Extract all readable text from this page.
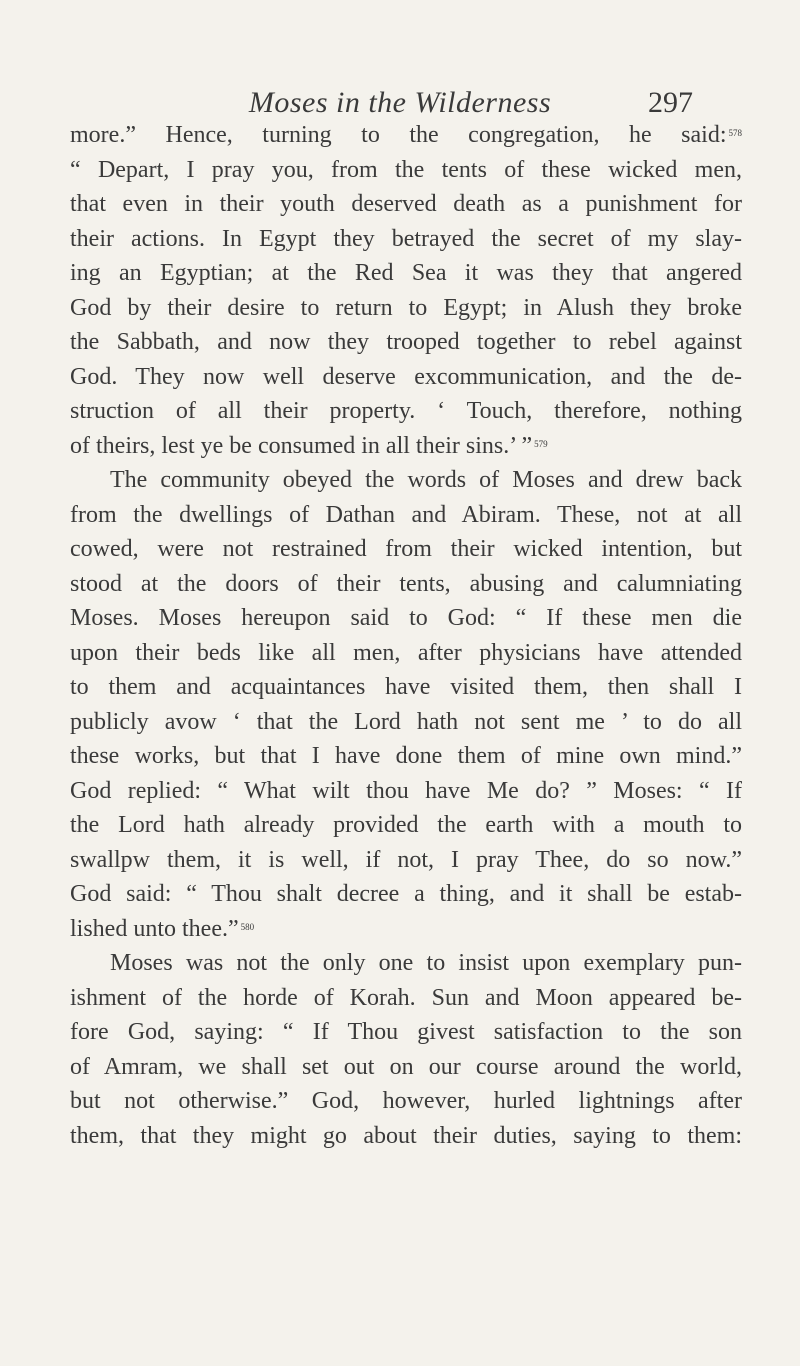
Moses in the Wilderness	297
more.” Hence, turning to the congregation, he said: $^{578}$
“ Depart, I pray you, from the tents of these wicked men,
that even in their youth deserved death as a punishment for
their actions. In Egypt they betrayed the secret of my slay-
ing an Egyptian; at the Red Sea it was they that angered
God by their desire to return to Egypt; in Alush they broke
the Sabbath, and now they trooped together to rebel against
God. They now well deserve excommunication, and the de-
struction of all their property. ‘ Touch, therefore, nothing
of theirs, lest ye be consumed in all their sins.’ ” $^{579}$
The community obeyed the words of Moses and drew back
from the dwellings of Dathan and Abiram. These, not at all
cowed, were not restrained from their wicked intention, but
stood at the doors of their tents, abusing and calumniating
Moses. Moses hereupon said to God: “ If these men die
upon their beds like all men, after physicians have attended
to them and acquaintances have visited them, then shall I
publicly avow ‘ that the Lord hath not sent me ’ to do all
these works, but that I have done them of mine own mind.”
God replied: “ What wilt thou have Me do? ” Moses: “ If
the Lord hath already provided the earth with a mouth to
swallpw them, it is well, if not, I pray Thee, do so now.”
God said: “ Thou shalt decree a thing, and it shall be estab-
lished unto thee.” $^{580}$
Moses was not the only one to insist upon exemplary pun-
ishment of the horde of Korah. Sun and Moon appeared be-
fore God, saying: “ If Thou givest satisfaction to the son
of Amram, we shall set out on our course around the world,
but not otherwise.” God, however, hurled lightnings after
them, that they might go about their duties, saying to them:
